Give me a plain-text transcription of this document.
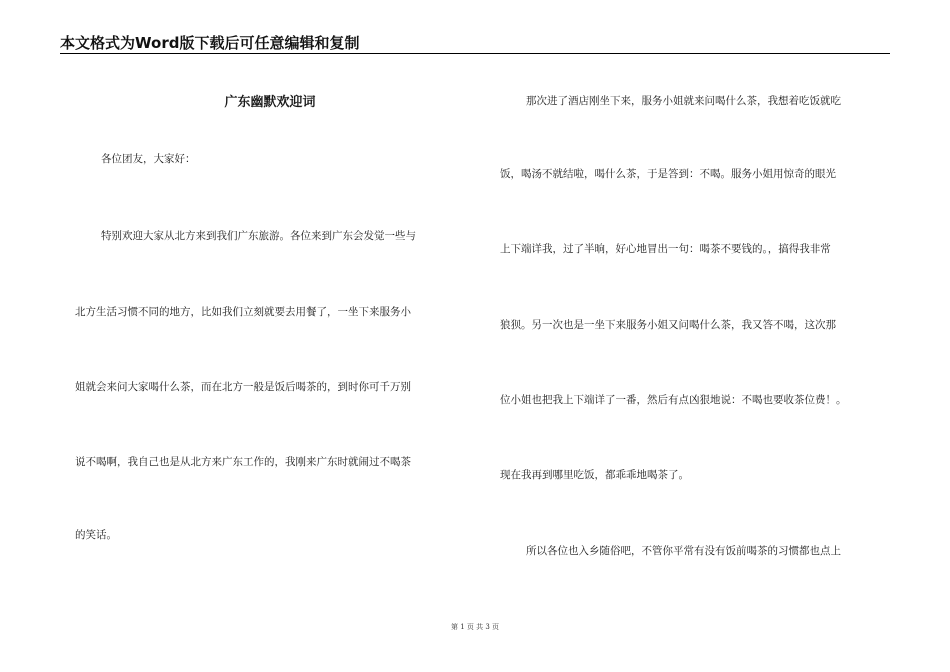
本文格式为Word版下载后可任意编辑和复制
广东幽默欢迎词
各位团友，大家好：
特别欢迎大家从北方来到我们广东旅游。各位来到广东会发觉一些与
北方生活习惯不同的地方，比如我们立刻就要去用餐了，一坐下来服务小
姐就会来问大家喝什么茶，而在北方一般是饭后喝茶的，到时你可千万别
说不喝啊，我自己也是从北方来广东工作的，我刚来广东时就闹过不喝茶
的笑话。
那次进了酒店刚坐下来，服务小姐就来问喝什么茶，我想着吃饭就吃
饭，喝汤不就结啦，喝什么茶，于是答到：不喝。服务小姐用惊奇的眼光
上下端详我，过了半晌，好心地冒出一句：喝茶不要钱的。，搞得我非常
狼狈。另一次也是一坐下来服务小姐又问喝什么茶，我又答不喝，这次那
位小姐也把我上下端详了一番，然后有点凶狠地说：不喝也要收茶位费！。
现在我再到哪里吃饭，都乖乖地喝茶了。
所以各位也入乡随俗吧，不管你平常有没有饭前喝茶的习惯都也点上
第 1 页 共 3 页
